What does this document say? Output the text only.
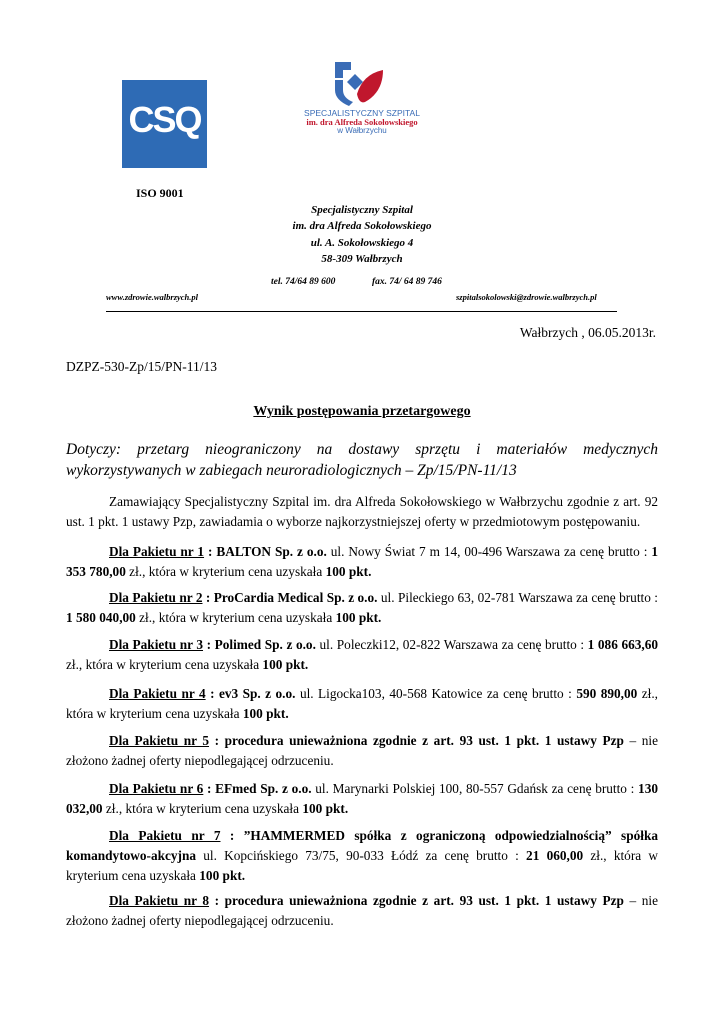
CSQ	SPECJALISTYCZNY SZPITAL
im. dra Alfreda Sokołowskiego
w Wałbrzychu
ISO 9001
Specjalistyczny Szpital
im. dra Alfreda Sokołowskiego
ul. A. Sokołowskiego 4
58-309 Wałbrzych
tel. 74/64 89 600	fax. 74/ 64 89 746
www.zdrowie.walbrzych.pl	szpitalsokolowski@zdrowie.walbrzych.pl
Wałbrzych , 06.05.2013r.
DZPZ-530-Zp/15/PN-11/13
Wynik postępowania przetargowego
Dotyczy: przetarg nieograniczony na dostawy sprzętu i materiałów medycznych wykorzystywanych w zabiegach neuroradiologicznych – Zp/15/PN-11/13
Zamawiający Specjalistyczny Szpital im. dra Alfreda Sokołowskiego w Wałbrzychu zgodnie z art. 92 ust. 1 pkt. 1 ustawy Pzp, zawiadamia o wyborze najkorzystniejszej oferty w przedmiotowym postępowaniu.
Dla Pakietu nr 1 : BALTON Sp. z o.o. ul. Nowy Świat 7 m 14, 00-496 Warszawa za cenę brutto : 1 353 780,00 zł., która w kryterium cena uzyskała 100 pkt.
Dla Pakietu nr 2 : ProCardia Medical Sp. z o.o. ul. Pileckiego 63, 02-781 Warszawa za cenę brutto : 1 580 040,00 zł., która w kryterium cena uzyskała 100 pkt.
Dla Pakietu nr 3 : Polimed Sp. z o.o. ul. Poleczki12, 02-822 Warszawa za cenę brutto : 1 086 663,60 zł., która w kryterium cena uzyskała 100 pkt.
Dla Pakietu nr 4 : ev3 Sp. z o.o. ul. Ligocka103, 40-568 Katowice za cenę brutto : 590 890,00 zł., która w kryterium cena uzyskała 100 pkt.
Dla Pakietu nr 5 : procedura unieważniona zgodnie z art. 93 ust. 1 pkt. 1 ustawy Pzp – nie złożono żadnej oferty niepodlegającej odrzuceniu.
Dla Pakietu nr 6 : EFmed Sp. z o.o. ul. Marynarki Polskiej 100, 80-557 Gdańsk za cenę brutto : 130 032,00 zł., która w kryterium cena uzyskała 100 pkt.
Dla Pakietu nr 7 : ”HAMMERMED spółka z ograniczoną odpowiedzialnością” spółka komandytowo-akcyjna ul. Kopcińskiego 73/75, 90-033 Łódź za cenę brutto : 21 060,00 zł., która w kryterium cena uzyskała 100 pkt.
Dla Pakietu nr 8 : procedura unieważniona zgodnie z art. 93 ust. 1 pkt. 1 ustawy Pzp – nie złożono żadnej oferty niepodlegającej odrzuceniu.
